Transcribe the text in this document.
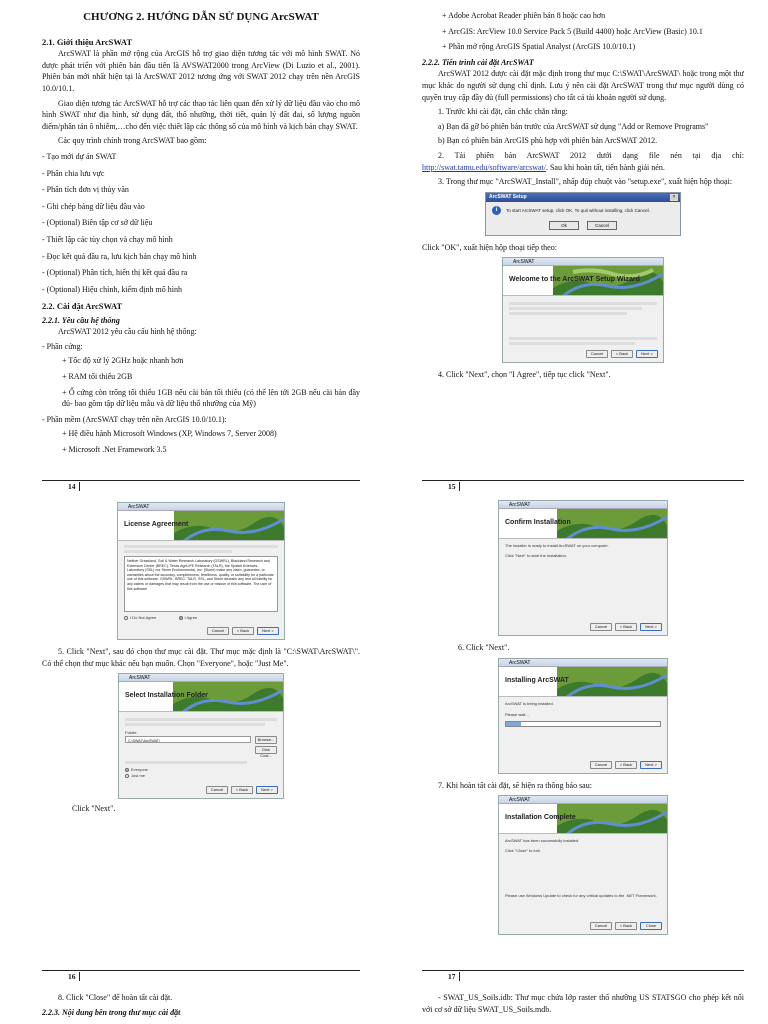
CHƯƠNG 2. HƯỚNG DẪN SỬ DỤNG ArcSWAT
2.1. Giới thiệu ArcSWAT

ArcSWAT là phần mở rộng của ArcGIS hỗ trợ giao diện tương tác với mô hình SWAT. Nó được phát triển với phiên bản đầu tiên là AVSWAT2000 trong ArcView (Di Luzio et al., 2001). Phiên bản mới nhất hiện tại là ArcSWAT 2012 tương ứng với SWAT 2012 chạy trên nền ArcGIS 10.0/10.1.

Giao diện tương tác ArcSWAT hỗ trợ các thao tác liên quan đến xử lý dữ liệu đầu vào cho mô hình SWAT như địa hình, sử dụng đất, thổ nhưỡng, thời tiết, quản lý đất đai, số lượng nguồn điểm/phân tán ô nhiễm,…cho đến việc thiết lập các thông số của mô hình và kịch bản chạy SWAT.

Các quy trình chính trong ArcSWAT bao gồm:

- Tạo mới dự án SWAT
- Phân chia lưu vực
- Phân tích đơn vị thủy văn
- Ghi chép bảng dữ liệu đầu vào
- (Optional) Biên tập cơ sở dữ liệu
- Thiết lập các tùy chọn và chạy mô hình
- Đọc kết quả đầu ra, lưu kịch bản chạy mô hình
- (Optional) Phân tích, hiển thị kết quả đầu ra
- (Optional) Hiệu chỉnh, kiểm định mô hình
2.2. Cài đặt ArcSWAT
2.2.1. Yêu cầu hệ thống

ArcSWAT 2012 yêu cầu cấu hình hệ thống:

- Phần cứng:
+ Tốc độ xử lý 2GHz hoặc nhanh hơn
+ RAM tối thiểu 2GB
+ Ổ cứng còn trống tối thiểu 1GB nếu cài bản tối thiểu (có thể lên tới 2GB nếu cài bản đầy đủ- bao gồm tập dữ liệu mẫu và dữ liệu thổ nhưỡng của Mỹ)
- Phần mềm (ArcSWAT chạy trên nền ArcGIS 10.0/10.1):
+ Hệ điều hành Microsoft Windows (XP, Windows 7, Server 2008)
+ Microsoft .Net Framework 3.5
14
+ Adobe Acrobat Reader phiên bản 8 hoặc cao hơn
+ ArcGIS: ArcView 10.0 Service Pack 5 (Build 4400) hoặc ArcView (Basic) 10.1
+ Phần mở rộng ArcGIS Spatial Analyst (ArcGIS 10.0/10.1)
2.2.2. Tiến trình cài đặt ArcSWAT

ArcSWAT 2012 được cài đặt mặc định trong thư mục C:\SWAT\ArcSWAT\ hoặc trong một thư mục khác do người sử dụng chỉ định. Lưu ý nên cài đặt ArcSWAT trong thư mục người dùng có quyền truy cập đầy đủ (full permissions) cho tất cả tài khoản người sử dụng.

1. Trước khi cài đặt, cần chắc chắn rằng:

a) Bạn đã gỡ bỏ phiên bản trước của ArcSWAT sử dụng "Add or Remove Programs"

b) Bạn có phiên bản ArcGIS phù hợp với phiên bản ArcSWAT 2012.

2. Tải phiên bản ArcSWAT 2012 dưới dạng file nén tại địa chỉ: http://swat.tamu.edu/software/arcswat/. Sau khi hoàn tất, tiến hành giải nén.

3. Trong thư mục "ArcSWAT_Install", nhấp đúp chuột vào "setup.exe", xuất hiện hộp thoại:

ArcSWAT Setup	×
i	To start ArcSWAT setup, click OK. To quit without installing, click Cancel.
Ok	Cancel

Click "OK", xuất hiện hộp thoại tiếp theo:

ArcSWAT
Welcome to the ArcSWAT Setup Wizard
Cancel	< Back	Next >

4. Click "Next", chọn "I Agree", tiếp tục click "Next".

15
ArcSWAT
License Agreement
Neither Grassland, Soil & Water Research Laboratory (GSWRL), Blackland Research and Extension Center (BREC), Texas AgriLIFE Research (TALR), the Spatial Sciences Laboratory (SSL) nor Stone Environmental, Inc. (Stone) make any claim, guarantee, or warranties about the accuracy, completeness, timeliness, quality, or suitability for a particular use of this software. GSWRL, BREC, TALR, SSL, and Stone disclaim any and all liability for any claims or damages that may result from the use or misuse of this software. The user of this software
I Do Not Agree	I Agree
Cancel	< Back	Next >

5. Click "Next", sau đó chọn thư mục cài đặt. Thư mục mặc định là "C:\SWAT\ArcSWAT\". Có thể chọn thư mục khác nếu bạn muốn. Chọn "Everyone", hoặc "Just Me".

ArcSWAT
Select Installation Folder
Folder:
C:\SWAT\ArcSWAT\	Browse...
Disk Cost...
Everyone
Just me
Cancel	< Back	Next >

Click "Next".

16
ArcSWAT
Confirm Installation
The installer is ready to install ArcSWAT on your computer.
Click "Next" to start the installation.
Cancel	< Back	Next >

6. Click "Next".

ArcSWAT
Installing ArcSWAT
ArcSWAT is being installed.
Please wait...
Cancel	< Back	Next >

7. Khi hoàn tất cài đặt, sẽ hiện ra thông báo sau:

ArcSWAT
Installation Complete
ArcSWAT has been successfully installed.
Click "Close" to exit.
Please use Windows Update to check for any critical updates to the .NET Framework.
Cancel	< Back	Close
17

8. Click "Close" để hoàn tất cài đặt.

2.2.3. Nội dung bên trong thư mục cài đặt

- SWAT_US_Soils.idb: Thư mục chứa lớp raster thổ nhưỡng US STATSGO cho phép kết nối với cơ sở dữ liệu SWAT_US_Soils.mdb.
